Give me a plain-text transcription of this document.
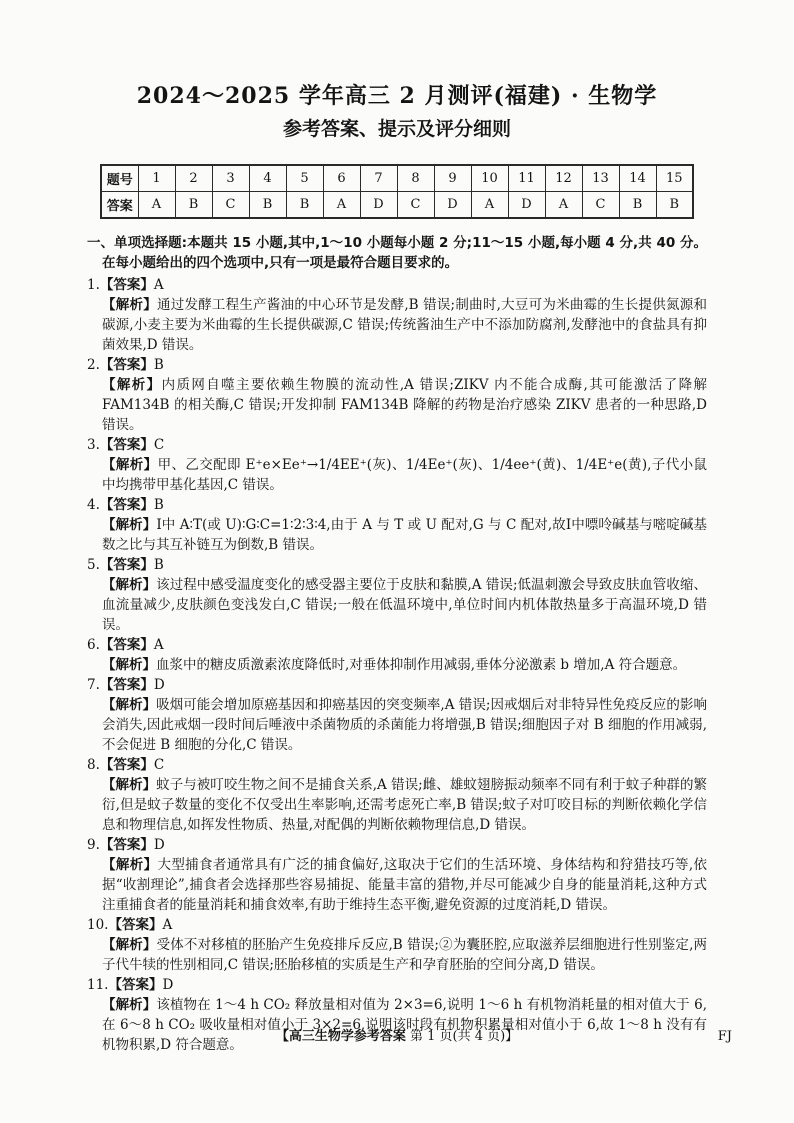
2024～2025 学年高三 2 月测评(福建) · 生物学
参考答案、提示及评分细则
题号	1	2	3	4	5	6	7	8	9	10	11	12	13	14	15
答案	A	B	C	B	B	A	D	C	D	A	D	A	C	B	B
一、单项选择题:本题共 15 小题,其中,1～10 小题每小题 2 分;11～15 小题,每小题 4 分,共 40 分。在每小题给出的四个选项中,只有一项是最符合题目要求的。
1.【答案】A
【解析】通过发酵工程生产酱油的中心环节是发酵,B 错误;制曲时,大豆可为米曲霉的生长提供氮源和碳源,小麦主要为米曲霉的生长提供碳源,C 错误;传统酱油生产中不添加防腐剂,发酵池中的食盐具有抑菌效果,D 错误。
2.【答案】B
【解析】内质网自噬主要依赖生物膜的流动性,A 错误;ZIKV 内不能合成酶,其可能激活了降解 FAM134B 的相关酶,C 错误;开发抑制 FAM134B 降解的药物是治疗感染 ZIKV 患者的一种思路,D 错误。
3.【答案】C
【解析】甲、乙交配即 E⁺e×Ee⁺→1/4EE⁺(灰)、1/4Ee⁺(灰)、1/4ee⁺(黄)、1/4E⁺e(黄),子代小鼠中均携带甲基化基因,C 错误。
4.【答案】B
【解析】Ⅰ中 A∶T(或 U)∶G∶C=1∶2∶3∶4,由于 A 与 T 或 U 配对,G 与 C 配对,故Ⅰ中嘌呤碱基与嘧啶碱基数之比与其互补链互为倒数,B 错误。
5.【答案】B
【解析】该过程中感受温度变化的感受器主要位于皮肤和黏膜,A 错误;低温刺激会导致皮肤血管收缩、血流量减少,皮肤颜色变浅发白,C 错误;一般在低温环境中,单位时间内机体散热量多于高温环境,D 错误。
6.【答案】A
【解析】血浆中的糖皮质激素浓度降低时,对垂体抑制作用减弱,垂体分泌激素 b 增加,A 符合题意。
7.【答案】D
【解析】吸烟可能会增加原癌基因和抑癌基因的突变频率,A 错误;因戒烟后对非特异性免疫反应的影响会消失,因此戒烟一段时间后唾液中杀菌物质的杀菌能力将增强,B 错误;细胞因子对 B 细胞的作用减弱,不会促进 B 细胞的分化,C 错误。
8.【答案】C
【解析】蚊子与被叮咬生物之间不是捕食关系,A 错误;雌、雄蚊翅膀振动频率不同有利于蚊子种群的繁衍,但是蚊子数量的变化不仅受出生率影响,还需考虑死亡率,B 错误;蚊子对叮咬目标的判断依赖化学信息和物理信息,如挥发性物质、热量,对配偶的判断依赖物理信息,D 错误。
9.【答案】D
【解析】大型捕食者通常具有广泛的捕食偏好,这取决于它们的生活环境、身体结构和狩猎技巧等,依据“收割理论”,捕食者会选择那些容易捕捉、能量丰富的猎物,并尽可能减少自身的能量消耗,这种方式注重捕食者的能量消耗和捕食效率,有助于维持生态平衡,避免资源的过度消耗,D 错误。
10.【答案】A
【解析】受体不对移植的胚胎产生免疫排斥反应,B 错误;②为囊胚腔,应取滋养层细胞进行性别鉴定,两子代牛犊的性别相同,C 错误;胚胎移植的实质是生产和孕育胚胎的空间分离,D 错误。
11.【答案】D
【解析】该植物在 1～4 h CO₂ 释放量相对值为 2×3=6,说明 1～6 h 有机物消耗量的相对值大于 6,在 6～8 h CO₂ 吸收量相对值小于 3×2=6,说明该时段有机物积累量相对值小于 6,故 1～8 h 没有有机物积累,D 符合题意。
【高三生物学参考答案 第 1 页(共 4 页)】	FJ
